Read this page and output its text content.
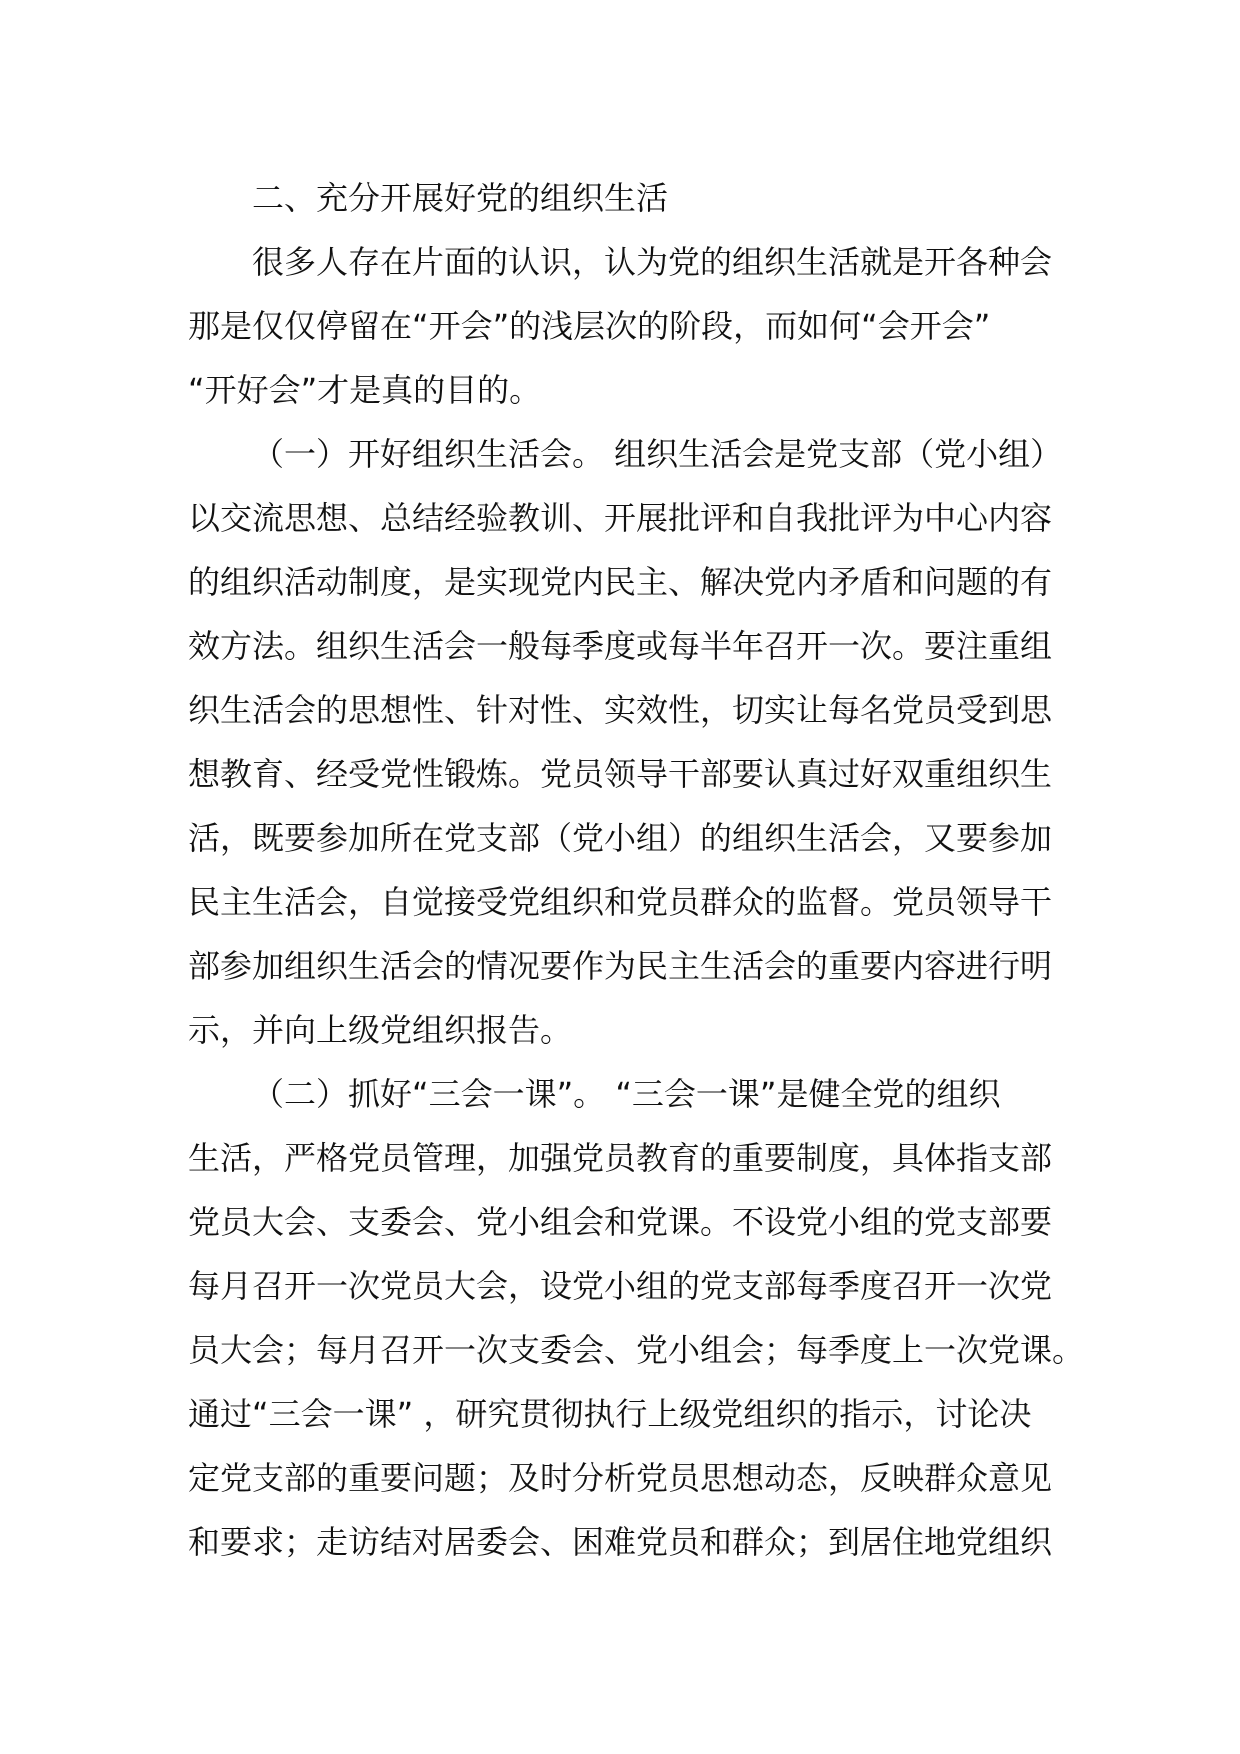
二、充分开展好党的组织生活
很多人存在片面的认识，认为党的组织生活就是开各种会
那是仅仅停留在“开会”的浅层次的阶段，而如何“会开会”
“开好会”才是真的目的。
（一）开好组织生活会。 组织生活会是党支部（党小组）
以交流思想、总结经验教训、开展批评和自我批评为中心内容
的组织活动制度，是实现党内民主、解决党内矛盾和问题的有
效方法。组织生活会一般每季度或每半年召开一次。要注重组
织生活会的思想性、针对性、实效性，切实让每名党员受到思
想教育、经受党性锻炼。党员领导干部要认真过好双重组织生
活，既要参加所在党支部（党小组）的组织生活会，又要参加
民主生活会，自觉接受党组织和党员群众的监督。党员领导干
部参加组织生活会的情况要作为民主生活会的重要内容进行明
示，并向上级党组织报告。
（二）抓好“三会一课”。 “三会一课”是健全党的组织
生活，严格党员管理，加强党员教育的重要制度，具体指支部
党员大会、支委会、党小组会和党课。不设党小组的党支部要
每月召开一次党员大会，设党小组的党支部每季度召开一次党
员大会；每月召开一次支委会、党小组会；每季度上一次党课。
通过“三会一课” ，研究贯彻执行上级党组织的指示，讨论决
定党支部的重要问题；及时分析党员思想动态，反映群众意见
和要求；走访结对居委会、困难党员和群众；到居住地党组织
